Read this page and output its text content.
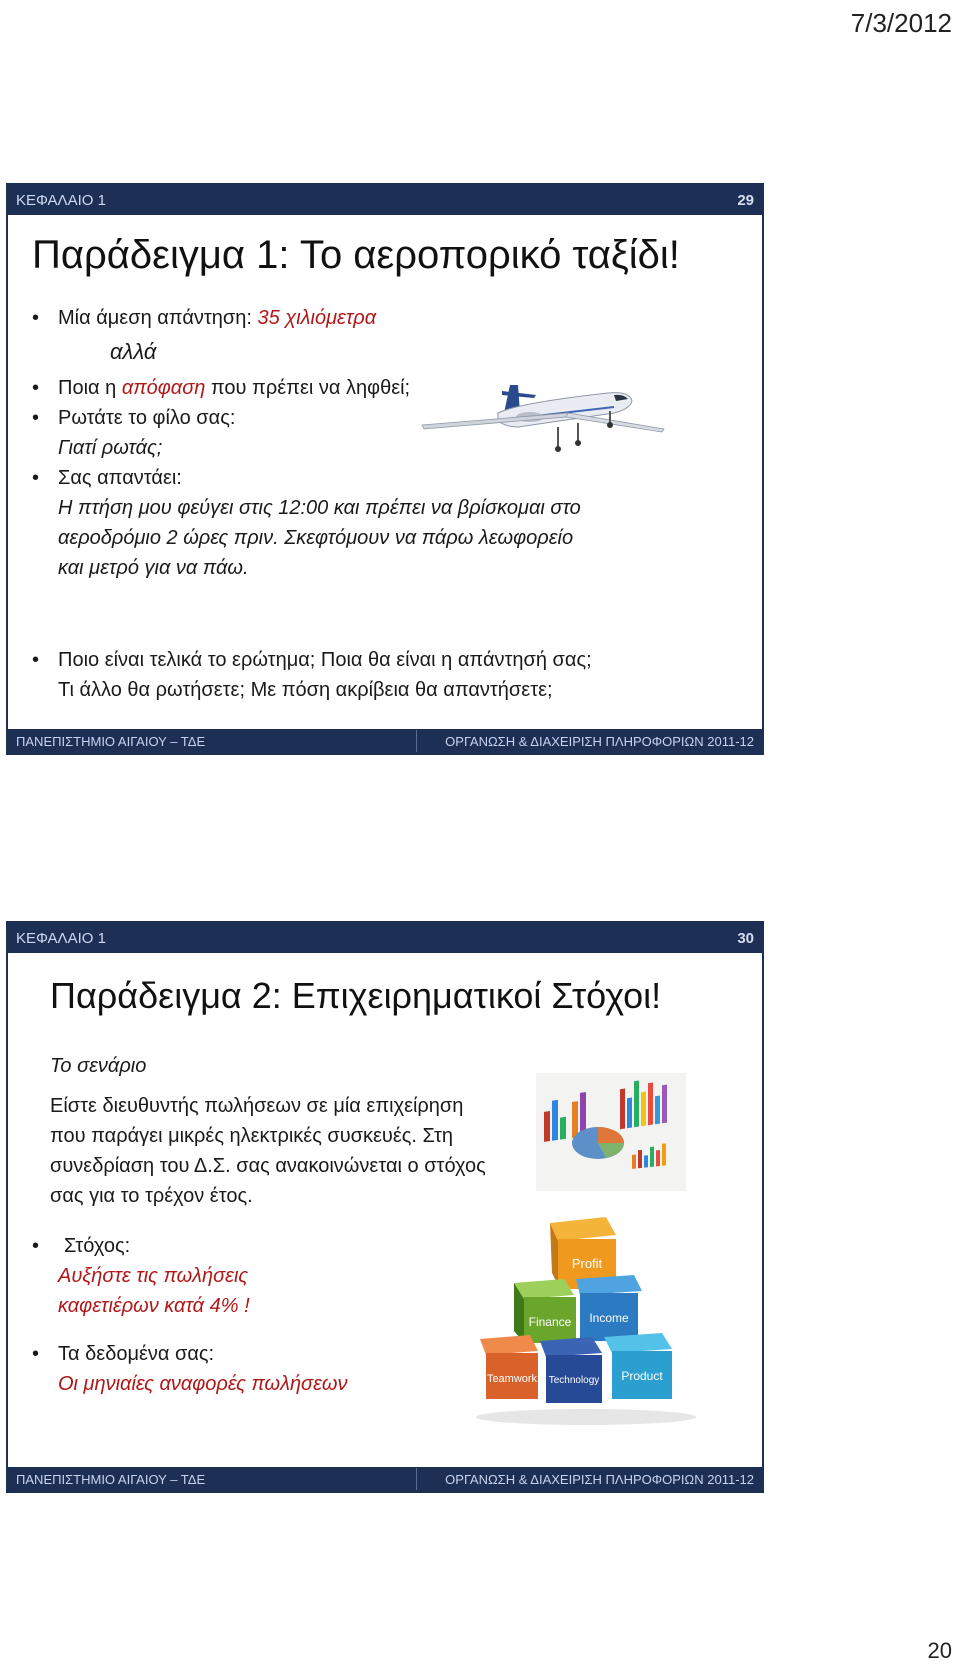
7/3/2012
ΚΕΦΑΛΑΙΟ 1	29
Παράδειγμα 1: Το αεροπορικό ταξίδι!
• Μία άμεση απάντηση: 35 χιλιόμετρα
αλλά
• Ποια η απόφαση που πρέπει να ληφθεί;
• Ρωτάτε το φίλο σας:
Γιατί ρωτάς;
• Σας απαντάει:
Η πτήση μου φεύγει στις 12:00 και πρέπει να βρίσκομαι στο
αεροδρόμιο 2 ώρες πριν. Σκεφτόμουν να πάρω λεωφορείο
και μετρό για να πάω.
• Ποιο είναι τελικά το ερώτημα; Ποια θα είναι η απάντησή σας;
Τι άλλο θα ρωτήσετε; Με πόση ακρίβεια θα απαντήσετε;
ΠΑΝΕΠΙΣΤΗΜΙΟ ΑΙΓΑΙΟΥ – ΤΔΕ	ΟΡΓΑΝΩΣΗ & ΔΙΑΧΕΙΡΙΣΗ ΠΛΗΡΟΦΟΡΙΩΝ 2011-12
ΚΕΦΑΛΑΙΟ 1	30
Παράδειγμα 2: Επιχειρηματικοί Στόχοι!
Το σενάριο

Είστε διευθυντής πωλήσεων σε μία επιχείρηση
που παράγει μικρές ηλεκτρικές συσκευές. Στη
συνεδρίαση του Δ.Σ. σας ανακοινώνεται ο στόχος
σας για το τρέχον έτος.

• Στόχος:
Αυξήστε τις πωλήσεις
καφετιέρων κατά 4% !
• Τα δεδομένα σας:
Οι μηνιαίες αναφορές πωλήσεων
Profit
Finance Income
Teamwork Technology Product
ΠΑΝΕΠΙΣΤΗΜΙΟ ΑΙΓΑΙΟΥ – ΤΔΕ	ΟΡΓΑΝΩΣΗ & ΔΙΑΧΕΙΡΙΣΗ ΠΛΗΡΟΦΟΡΙΩΝ 2011-12
20
